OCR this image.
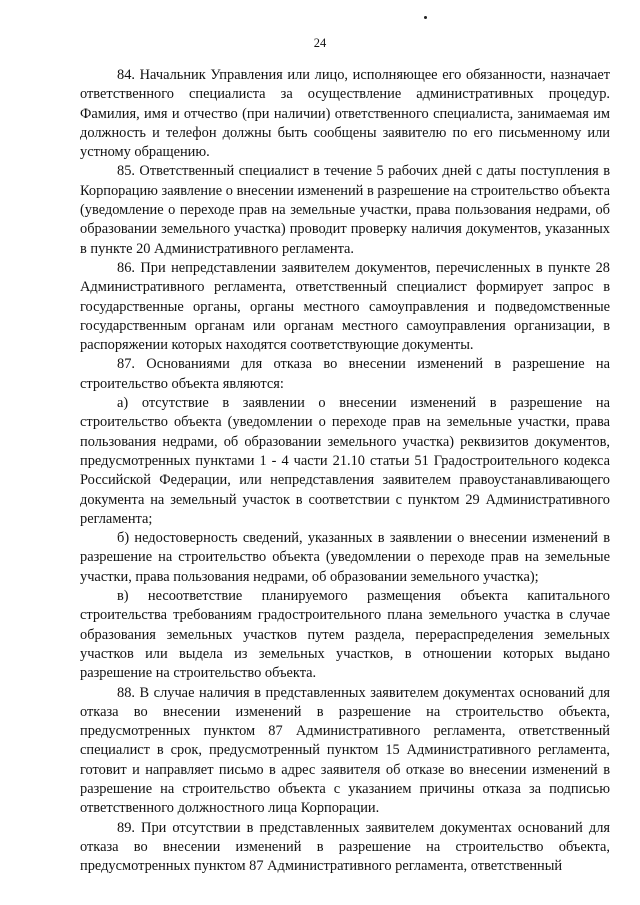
24

84. Начальник Управления или лицо, исполняющее его обязанности, назначает ответственного специалиста за осуществление административных процедур. Фамилия, имя и отчество (при наличии) ответственного специалиста, занимаемая им должность и телефон должны быть сообщены заявителю по его письменному или устному обращению.

85. Ответственный специалист в течение 5 рабочих дней с даты поступления в Корпорацию заявление о внесении изменений в разрешение на строительство объекта (уведомление о переходе прав на земельные участки, права пользования недрами, об образовании земельного участка) проводит проверку наличия документов, указанных в пункте 20 Административного регламента.

86. При непредставлении заявителем документов, перечисленных в пункте 28 Административного регламента, ответственный специалист формирует запрос в государственные органы, органы местного самоуправления и подведомственные государственным органам или органам местного самоуправления организации, в распоряжении которых находятся соответствующие документы.

87. Основаниями для отказа во внесении изменений в разрешение на строительство объекта являются:

а) отсутствие в заявлении о внесении изменений в разрешение на строительство объекта (уведомлении о переходе прав на земельные участки, права пользования недрами, об образовании земельного участка) реквизитов документов, предусмотренных пунктами 1 - 4 части 21.10 статьи 51 Градостроительного кодекса Российской Федерации, или непредставления заявителем правоустанавливающего документа на земельный участок в соответствии с пунктом 29 Административного регламента;

б) недостоверность сведений, указанных в заявлении о внесении изменений в разрешение на строительство объекта (уведомлении о переходе прав на земельные участки, права пользования недрами, об образовании земельного участка);

в) несоответствие планируемого размещения объекта капитального строительства требованиям градостроительного плана земельного участка в случае образования земельных участков путем раздела, перераспределения земельных участков или выдела из земельных участков, в отношении которых выдано разрешение на строительство объекта.

88. В случае наличия в представленных заявителем документах оснований для отказа во внесении изменений в разрешение на строительство объекта, предусмотренных пунктом 87 Административного регламента, ответственный специалист в срок, предусмотренный пунктом 15 Административного регламента, готовит и направляет письмо в адрес заявителя об отказе во внесении изменений в разрешение на строительство объекта с указанием причины отказа за подписью ответственного должностного лица Корпорации.

89. При отсутствии в представленных заявителем документах оснований для отказа во внесении изменений в разрешение на строительство объекта, предусмотренных пунктом 87 Административного регламента, ответственный
